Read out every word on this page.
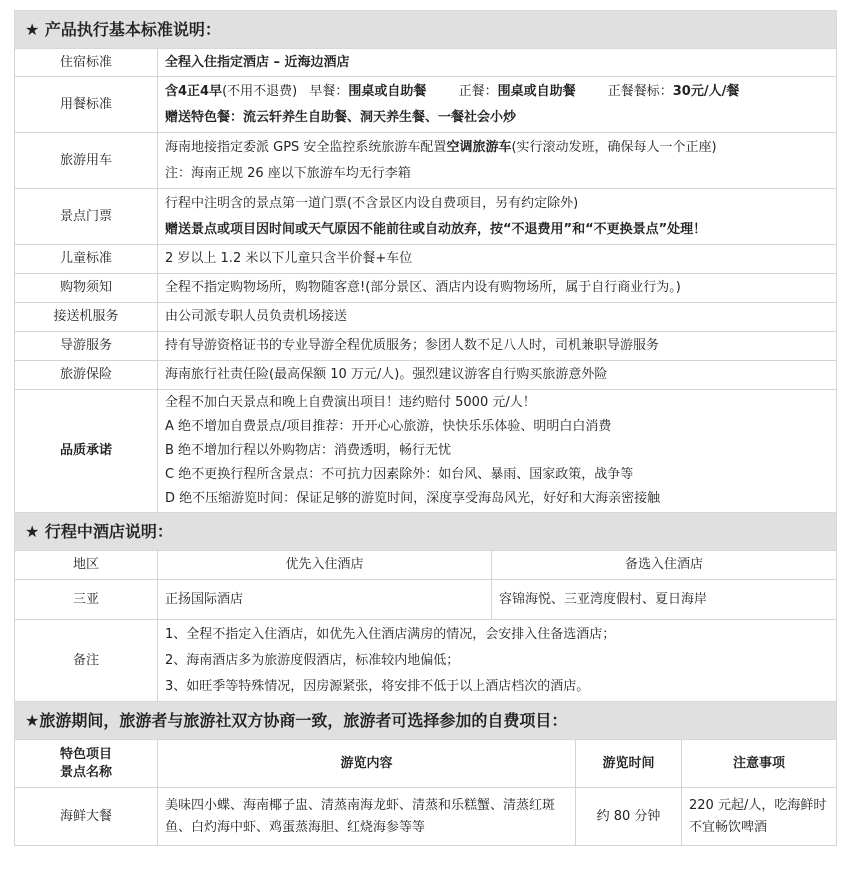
★ 产品执行基本标准说明：	
住宿标准	全程入住指定酒店 – 近海边酒店
用餐标准	含4正4早(不用不退费) 早餐：围桌或自助餐 正餐：围桌或自助餐 正餐餐标：30元/人/餐
赠送特色餐：流云轩养生自助餐、洞天养生餐、一餐社会小炒

旅游用车	海南地接指定委派 GPS 安全监控系统旅游车配置空调旅游车(实行滚动发班，确保每人一个正座)
注：海南正规 26 座以下旅游车均无行李箱

景点门票	行程中注明含的景点第一道门票(不含景区内设自费项目，另有约定除外)
赠送景点或项目因时间或天气原因不能前往或自动放弃，按“不退费用”和“不更换景点”处理！

儿童标准	2 岁以上 1.2 米以下儿童只含半价餐+车位
购物须知	全程不指定购物场所，购物随客意!(部分景区、酒店内设有购物场所，属于自行商业行为。)
接送机服务	由公司派专职人员负责机场接送
导游服务	持有导游资格证书的专业导游全程优质服务；参团人数不足八人时，司机兼职导游服务
旅游保险	海南旅行社责任险(最高保额 10 万元/人)。强烈建议游客自行购买旅游意外险
品质承诺	全程不加白天景点和晚上自费演出项目！违约赔付 5000 元/人！
A 绝不增加自费景点/项目推荐：开开心心旅游，快快乐乐体验、明明白白消费
B 绝不增加行程以外购物店：消费透明，畅行无忧
C 绝不更换行程所含景点：不可抗力因素除外：如台风、暴雨、国家政策，战争等
D 绝不压缩游览时间：保证足够的游览时间，深度享受海岛风光，好好和大海亲密接触
★ 行程中酒店说明：		
地区	优先入住酒店	备选入住酒店
三亚	正扬国际酒店	容锦海悦、三亚湾度假村、夏日海岸
备注	1、全程不指定入住酒店，如优先入住酒店满房的情况，会安排入住备选酒店；
2、海南酒店多为旅游度假酒店，标准较内地偏低；
3、如旺季等特殊情况，因房源紧张，将安排不低于以上酒店档次的酒店。	
★旅游期间，旅游者与旅游社双方协商一致，旅游者可选择参加的自费项目：			

特色项目
景点名称	游览内容	游览时间	注意事项
海鲜大餐	美味四小蝶、海南椰子盅、清蒸南海龙虾、清蒸和乐糕蟹、清蒸红斑鱼、白灼海中虾、鸡蛋蒸海胆、红烧海参等等	约 80 分钟	220 元起/人，吃海鲜时不宜畅饮啤酒
